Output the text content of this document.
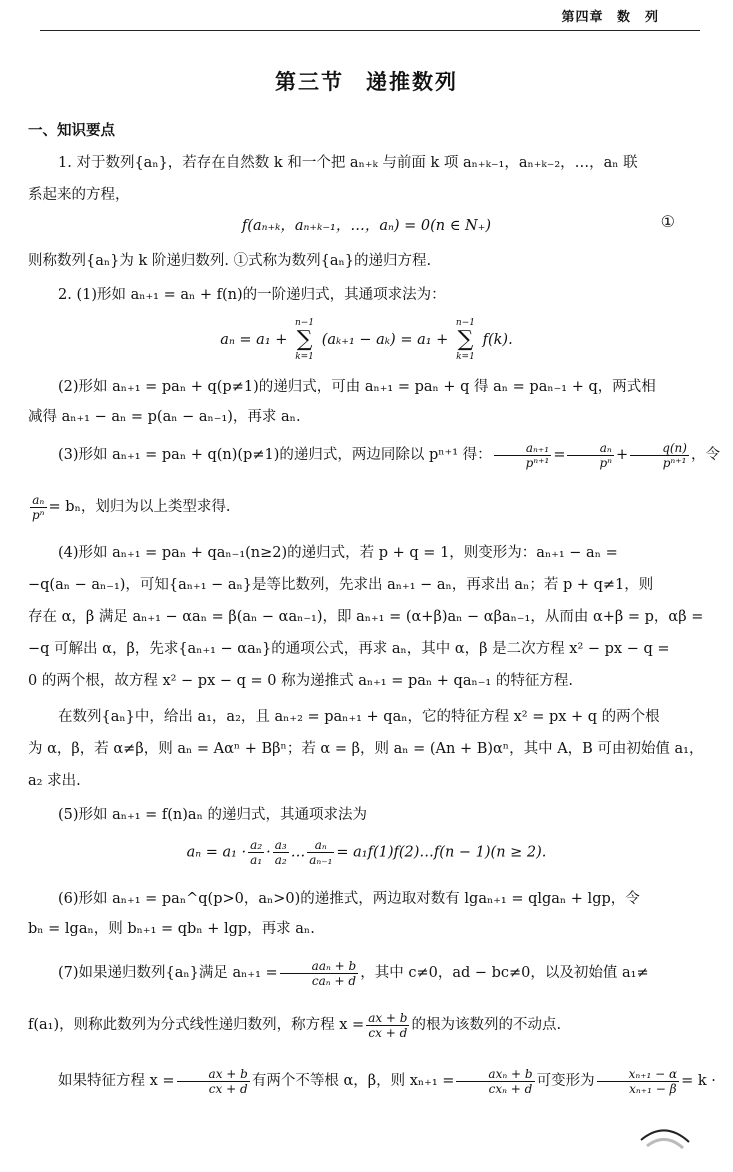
第四章 数　列
第三节 递推数列
一、知识要点
1. 对于数列{aₙ}，若存在自然数 k 和一个把 aₙ₊ₖ 与前面 k 项 aₙ₊ₖ₋₁，aₙ₊ₖ₋₂，…，aₙ 联
系起来的方程，
f(aₙ₊ₖ，aₙ₊ₖ₋₁，…，aₙ) = 0(n ∈ N₊)	①
则称数列{aₙ}为 k 阶递归数列. ①式称为数列{aₙ}的递归方程.
2. (1)形如 aₙ₊₁ = aₙ + f(n)的一阶递归式，其通项求法为：
aₙ = a₁ + n−1
∑
k=1 (aₖ₊₁ − aₖ) = a₁ + n−1
∑
k=1 f(k).
(2)形如 aₙ₊₁ = paₙ + q(p≠1)的递归式，可由 aₙ₊₁ = paₙ + q 得 aₙ = paₙ₋₁ + q，两式相
减得 aₙ₊₁ − aₙ = p(aₙ − aₙ₋₁)，再求 aₙ.
(3)形如 aₙ₊₁ = paₙ + q(n)(p≠1)的递归式，两边同除以 pⁿ⁺¹ 得： $\frac{\text{aₙ₊₁}}{\text{pⁿ⁺¹}} = \frac{\text{aₙ}}{\text{pⁿ}} + \frac{q(n)}{\text{pⁿ⁺¹}}$ ，令
$\frac{\text{aₙ}}{\text{pⁿ}} = b_n$，划归为以上类型求得.
(4)形如 aₙ₊₁ = paₙ + qaₙ₋₁(n≥2)的递归式，若 p + q = 1，则变形为：aₙ₊₁ − aₙ =
−q(aₙ − aₙ₋₁)，可知{aₙ₊₁ − aₙ}是等比数列，先求出 aₙ₊₁ − aₙ，再求出 aₙ；若 p + q≠1，则
存在 α，β 满足 aₙ₊₁ − αaₙ = β(aₙ − αaₙ₋₁)，即 aₙ₊₁ = (α+β)aₙ − αβaₙ₋₁，从而由 α+β = p，αβ =
−q 可解出 α，β，先求{aₙ₊₁ − αaₙ}的通项公式，再求 aₙ，其中 α，β 是二次方程 x² − px − q =
0 的两个根，故方程 x² − px − q = 0 称为递推式 aₙ₊₁ = paₙ + qaₙ₋₁ 的特征方程.
在数列{aₙ}中，给出 a₁，a₂，且 aₙ₊₂ = paₙ₊₁ + qaₙ，它的特征方程 x² = px + q 的两个根
为 α，β，若 α≠β，则 aₙ = Aαⁿ + Bβⁿ；若 α = β，则 aₙ = (An + B)αⁿ，其中 A，B 可由初始值 a₁，
a₂ 求出.
(5)形如 aₙ₊₁ = f(n)aₙ 的递归式，其通项求法为
$a_n = a_1 \cdot \frac{\text{a₂}}{\text{a₁}} \cdot \frac{\text{a₃}}{\text{a₂}}$ … $\frac{\text{aₙ}}{\text{aₙ₋₁}}$ = a₁f(1)f(2)…f(n − 1)(n ≥ 2).
(6)形如 aₙ₊₁ = paₙ^q(p>0，aₙ>0)的递推式，两边取对数有 lgaₙ₊₁ = qlgaₙ + lgp，令
bₙ = lgaₙ，则 bₙ₊₁ = qbₙ + lgp，再求 aₙ.
(7)如果递归数列{aₙ}满足 aₙ₊₁ =	aaₙ + b
caₙ + d ，其中 c≠0，ad − bc≠0，以及初始值 a₁≠
f(a₁)，则称此数列为分式线性递归数列，称方程 $x = \frac{ax + b}{cx + d}$ 的根为该数列的不动点.
如果特征方程 $x = \frac{ax + b}{cx + d}$ 有两个不等根 α，β，则 xₙ₊₁ =	axₙ + b
cxₙ + d 可变形为 $\frac{\text{xₙ₊₁ − α}}{\text{xₙ₊₁ − β}} = k$ ·
